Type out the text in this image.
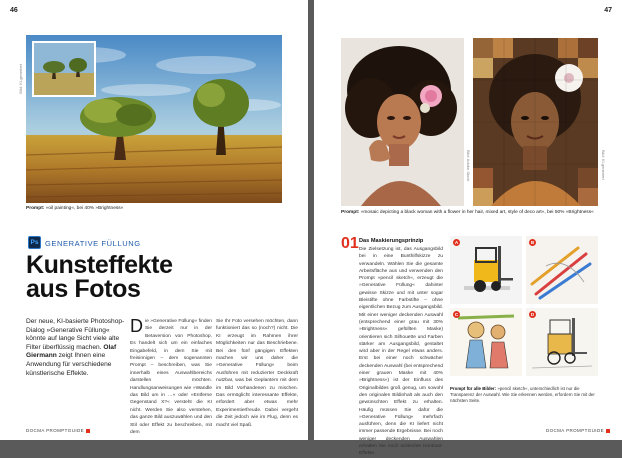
46
Bild: KI-generiert
Prompt: »oil painting«, bei 40% »Brightness«
Ps GENERATIVE FÜLLUNG
Kunsteffekte
aus Fotos
Der neue, KI-basierte Photoshop-Dialog »Generative Füllung« könnte auf lange Sicht viele alte Filter überflüssig machen. Olaf Giermann zeigt Ihnen eine Anwendung für verschiedene künstlerische Effekte.
D ie »Generative Füllung« finden Sie derzeit nur in der Betaversion von Photoshop. Es handelt sich um ein einfaches Eingabefeld, in dem Sie mit freisinnigen – dem sogenannten Prompt – beschreiben, was Sie innerhalb eines Auswahlbereichs darstellen möchten. Handlungsanweisungen wie »Wandle das Bild um in …« oder »Entferne Gegenstand X?« versteht die KI nicht. Werden Sie also verstehen, das ganze Bild auszuwählen und den Stil oder Effekt zu beschreiben, mit dem
Sie Ihr Foto versehen möchten, dann funktioniert das so (noch?) nicht. Die KI erzeugt im Rahmen ihrer Möglichkeiten nur das Beschriebene. Bei den fünf gängigen Effekten machen wir uns daher die »Generative Füllung« beim Ausführen mit reduzierter Deckkraft nutzbar, was bei Geplantem mit dem im Bild Vorhandenen zu mischen. Das ermöglicht interessante Effekte, erfordert aber etwas mehr Experimentierfreude. Dabei vergeht die Zeit jedoch wie im Flug, denn es macht viel Spaß.
DOCMA PROMPTGUIDE
47
Bild: Adobe Stock	Bild: KI-generiert
Prompt: »mosaic depicting a black woman with a flower in her hair, mixed art, style of deco art«, bei 50% »Brightness«
01 Das Maskierungsprinzip
Die Zielsetzung ist, das Ausgangsbild bei in eine Bunthilfskizze zu verwandeln. Wählen Sie die gesamte Arbeitsfläche aus und verwenden den Prompt »pencil sketch«, erzeugt die »Generative Füllung« dahinter gewisse Skizze und mit unter sogar Bleistifte ohne Farbstifte – ohne eigentlichen Bezug zum Ausgangsbild. Mit einer weniger deckenden Auswahl (entsprechend einer grau mit 30% »Brightness« gefüllten Maske) orientieren sich Silhouette und Farben stärker am Ausgangsbild, gestaltet wird aber in der Regel etwas anders. Erst bei einer noch schwächer deckenden Auswahl (bei entsprechend einer grauen Maske mit 40% »Brightness«) ist der Einfluss des Originalbildes groß genug, um sowohl den originalen Bildinhalt als auch den gewünschten Effekt zu erhalten. Häufig müssen Sie dafür die »Generative Füllung« mehrfach ausführen, denn die KI liefert nicht immer passende Ergebnisse. Bei noch weniger deckenden Auswahlen erhalten Sie noch schlechte Kontrast-Effekte.
A	B
C	D
Prompt für alle Bilder: »pencil sketch«, unterschiedlich ist nur die Transparenz der Auswahl. Wie Sie erkennen werden, erfordern Sie mit der nächsten Seite.
DOCMA PROMPTGUIDE
